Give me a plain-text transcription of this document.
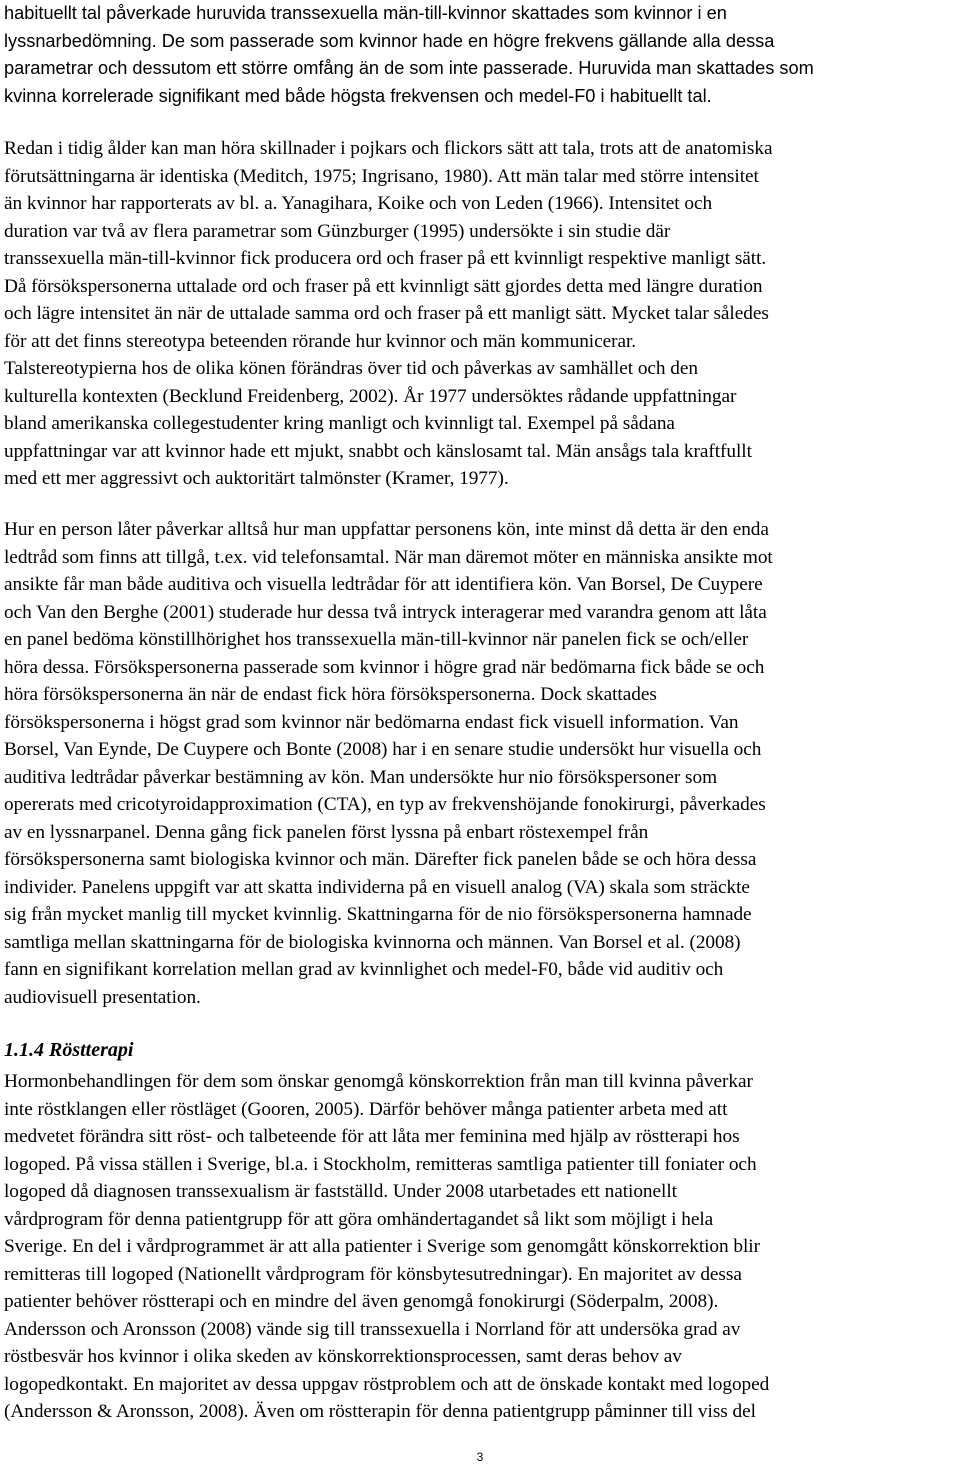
habituellt tal påverkade huruvida transsexuella män-till-kvinnor skattades som kvinnor i en
lyssnarbedömning. De som passerade som kvinnor hade en högre frekvens gällande alla dessa
parametrar och dessutom ett större omfång än de som inte passerade. Huruvida man skattades som
kvinna korrelerade signifikant med både högsta frekvensen och medel-F0 i habituellt tal.
Redan i tidig ålder kan man höra skillnader i pojkars och flickors sätt att tala, trots att de anatomiska
förutsättningarna är identiska (Meditch, 1975; Ingrisano, 1980). Att män talar med större intensitet
än kvinnor har rapporterats av bl. a. Yanagihara, Koike och von Leden (1966). Intensitet och
duration var två av flera parametrar som Günzburger (1995) undersökte i sin studie där
transsexuella män-till-kvinnor fick producera ord och fraser på ett kvinnligt respektive manligt sätt.
Då försökspersonerna uttalade ord och fraser på ett kvinnligt sätt gjordes detta med längre duration
och lägre intensitet än när de uttalade samma ord och fraser på ett manligt sätt. Mycket talar således
för att det finns stereotypa beteenden rörande hur kvinnor och män kommunicerar.
Talstereotypierna hos de olika könen förändras över tid och påverkas av samhället och den
kulturella kontexten (Becklund Freidenberg, 2002). År 1977 undersöktes rådande uppfattningar
bland amerikanska collegestudenter kring manligt och kvinnligt tal. Exempel på sådana
uppfattningar var att kvinnor hade ett mjukt, snabbt och känslosamt tal. Män ansågs tala kraftfullt
med ett mer aggressivt och auktoritärt talmönster (Kramer, 1977).
Hur en person låter påverkar alltså hur man uppfattar personens kön, inte minst då detta är den enda
ledtråd som finns att tillgå, t.ex. vid telefonsamtal. När man däremot möter en människa ansikte mot
ansikte får man både auditiva och visuella ledtrådar för att identifiera kön. Van Borsel, De Cuypere
och Van den Berghe (2001) studerade hur dessa två intryck interagerar med varandra genom att låta
en panel bedöma könstillhörighet hos transsexuella män-till-kvinnor när panelen fick se och/eller
höra dessa. Försökspersonerna passerade som kvinnor i högre grad när bedömarna fick både se och
höra försökspersonerna än när de endast fick höra försökspersonerna. Dock skattades
försökspersonerna i högst grad som kvinnor när bedömarna endast fick visuell information. Van
Borsel, Van Eynde, De Cuypere och Bonte (2008) har i en senare studie undersökt hur visuella och
auditiva ledtrådar påverkar bestämning av kön. Man undersökte hur nio försökspersoner som
opererats med cricotyroidapproximation (CTA), en typ av frekvenshöjande fonokirurgi, påverkades
av en lyssnarpanel. Denna gång fick panelen först lyssna på enbart röstexempel från
försökspersonerna samt biologiska kvinnor och män. Därefter fick panelen både se och höra dessa
individer. Panelens uppgift var att skatta individerna på en visuell analog (VA) skala som sträckte
sig från mycket manlig till mycket kvinnlig. Skattningarna för de nio försökspersonerna hamnade
samtliga mellan skattningarna för de biologiska kvinnorna och männen. Van Borsel et al. (2008)
fann en signifikant korrelation mellan grad av kvinnlighet och medel-F0, både vid auditiv och
audiovisuell presentation.
1.1.4 Röstterapi
Hormonbehandlingen för dem som önskar genomgå könskorrektion från man till kvinna påverkar
inte röstklangen eller röstläget (Gooren, 2005). Därför behöver många patienter arbeta med att
medvetet förändra sitt röst- och talbeteende för att låta mer feminina med hjälp av röstterapi hos
logoped. På vissa ställen i Sverige, bl.a. i Stockholm, remitteras samtliga patienter till foniater och
logoped då diagnosen transsexualism är fastställd. Under 2008 utarbetades ett nationellt
vårdprogram för denna patientgrupp för att göra omhändertagandet så likt som möjligt i hela
Sverige. En del i vårdprogrammet är att alla patienter i Sverige som genomgått könskorrektion blir
remitteras till logoped (Nationellt vårdprogram för könsbytesutredningar). En majoritet av dessa
patienter behöver röstterapi och en mindre del även genomgå fonokirurgi (Söderpalm, 2008).
Andersson och Aronsson (2008) vände sig till transsexuella i Norrland för att undersöka grad av
röstbesvär hos kvinnor i olika skeden av könskorrektionsprocessen, samt deras behov av
logopedkontakt. En majoritet av dessa uppgav röstproblem och att de önskade kontakt med logoped
(Andersson & Aronsson, 2008). Även om röstterapin för denna patientgrupp påminner till viss del
3
